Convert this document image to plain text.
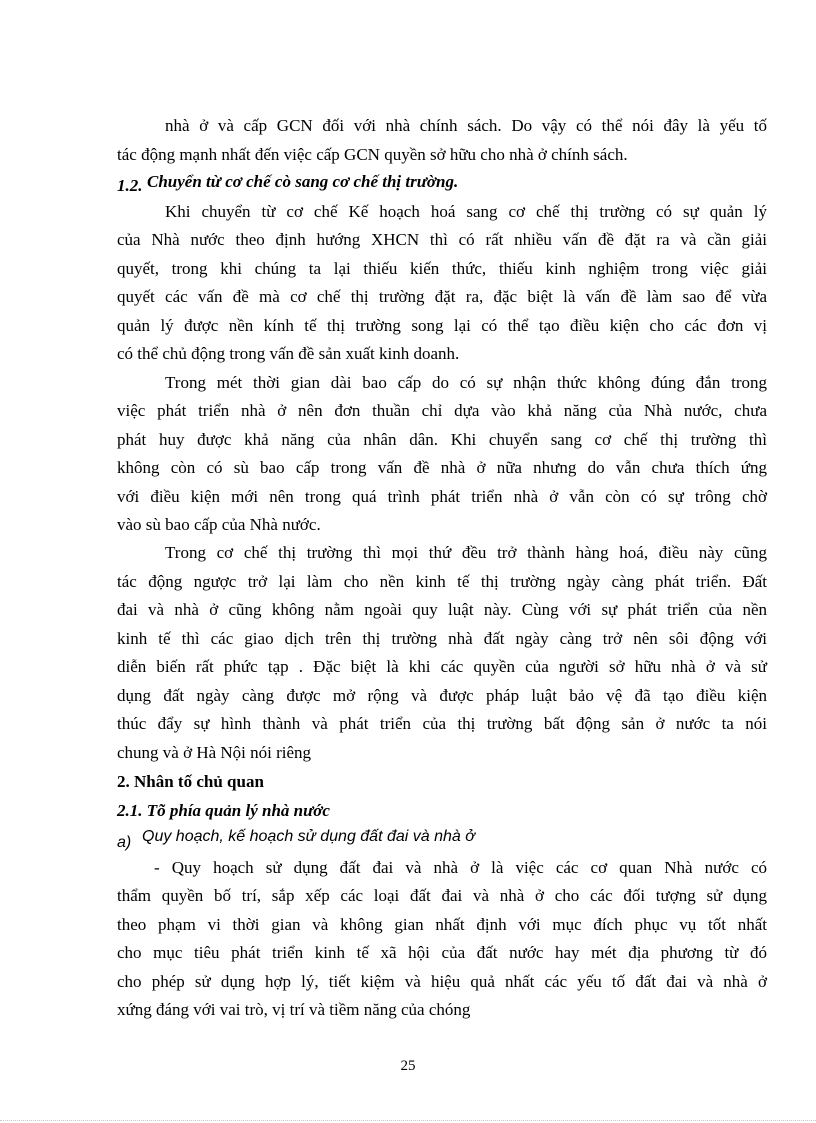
nhà ở và cấp GCN đối với nhà chính sách. Do vậy có thể nói đây là yếu tố
tác động mạnh nhất đến việc cấp GCN quyền sở hữu cho nhà ở chính sách.
1.2. Chuyển từ cơ chế cò sang cơ chế thị trường.
Khi chuyển từ cơ chế Kế hoạch hoá sang cơ chế thị trường có sự quản lý
của Nhà nước theo định hướng XHCN thì có rất nhiều vấn đề đặt ra và cần giải
quyết, trong khi chúng ta lại thiếu kiến thức, thiếu kinh nghiệm trong việc giải
quyết các vấn đề mà cơ chế thị trường đặt ra, đặc biệt là vấn đề làm sao để vừa
quản lý được nền kính tế thị trường song lại có thể tạo điều kiện cho các đơn vị
có thể chủ động trong vấn đề sản xuất kinh doanh.
Trong mét thời gian dài bao cấp do có sự nhận thức không đúng đắn trong
việc phát triển nhà ở nên đơn thuần chỉ dựa vào khả năng của Nhà nước, chưa
phát huy được khả năng của nhân dân. Khi chuyển sang cơ chế thị trường thì
không còn có sù bao cấp trong vấn đề nhà ở nữa nhưng do vẫn chưa thích ứng
với điều kiện mới nên trong quá trình phát triển nhà ở vẫn còn có sự trông chờ
vào sù bao cấp của Nhà nước.
Trong cơ chế thị trường thì mọi thứ đều trở thành hàng hoá, điều này cũng
tác động ngược trở lại làm cho nền kinh tế thị trường ngày càng phát triển. Đất
đai và nhà ở cũng không nằm ngoài quy luật này. Cùng với sự phát triển của nền
kinh tế thì các giao dịch trên thị trường nhà đất ngày càng trở nên sôi động với
diễn biến rất phức tạp . Đặc biệt là khi các quyền của người sở hữu nhà ở và sử
dụng đất ngày càng được mở rộng và được pháp luật bảo vệ đã tạo điều kiện
thúc đẩy sự hình thành và phát triển của thị trường bất động sản ở nước ta nói
chung và ở Hà Nội nói riêng
2. Nhân tố chủ quan
2.1. Tõ phía quản lý nhà nước
a) Quy hoạch, kế hoạch sử dụng đất đai và nhà ở
- Quy hoạch sử dụng đất đai và nhà ở là việc các cơ quan Nhà nước có
thẩm quyền bố trí, sắp xếp các loại đất đai và nhà ở cho các đối tượng sử dụng
theo phạm vi thời gian và không gian nhất định với mục đích phục vụ tốt nhất
cho mục tiêu phát triển kinh tế xã hội của đất nước hay mét địa phương từ đó
cho phép sử dụng hợp lý, tiết kiệm và hiệu quả nhất các yếu tố đất đai và nhà ở
xứng đáng với vai trò, vị trí và tiềm năng của chóng
25
